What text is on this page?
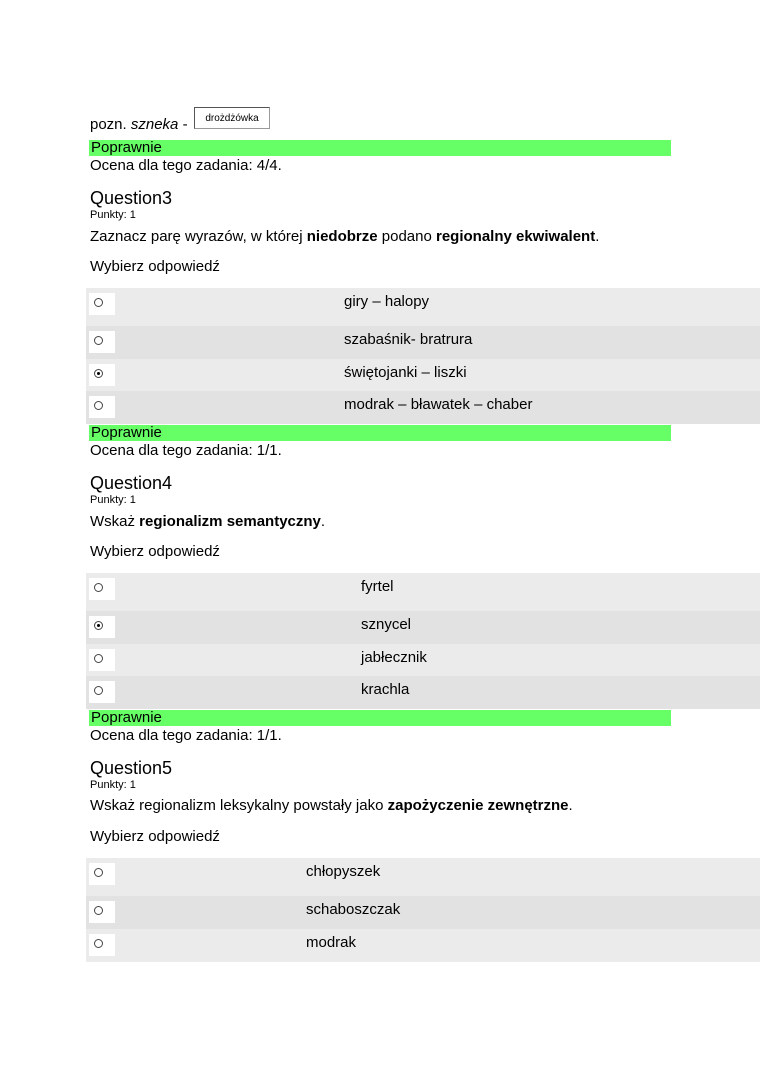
pozn. szneka -	drożdżówka
Poprawnie
Ocena dla tego zadania: 4/4.
Question3
Punkty: 1
Zaznacz parę wyrazów, w której niedobrze podano regionalny ekwiwalent.
Wybierz odpowiedź
giry – halopy
szabaśnik- bratrura
świętojanki – liszki
modrak – bławatek – chaber
Poprawnie
Ocena dla tego zadania: 1/1.
Question4
Punkty: 1
Wskaż regionalizm semantyczny.
Wybierz odpowiedź
fyrtel
sznycel
jabłecznik
krachla
Poprawnie
Ocena dla tego zadania: 1/1.
Question5
Punkty: 1
Wskaż regionalizm leksykalny powstały jako zapożyczenie zewnętrzne.
Wybierz odpowiedź
chłopyszek
schaboszczak
modrak
